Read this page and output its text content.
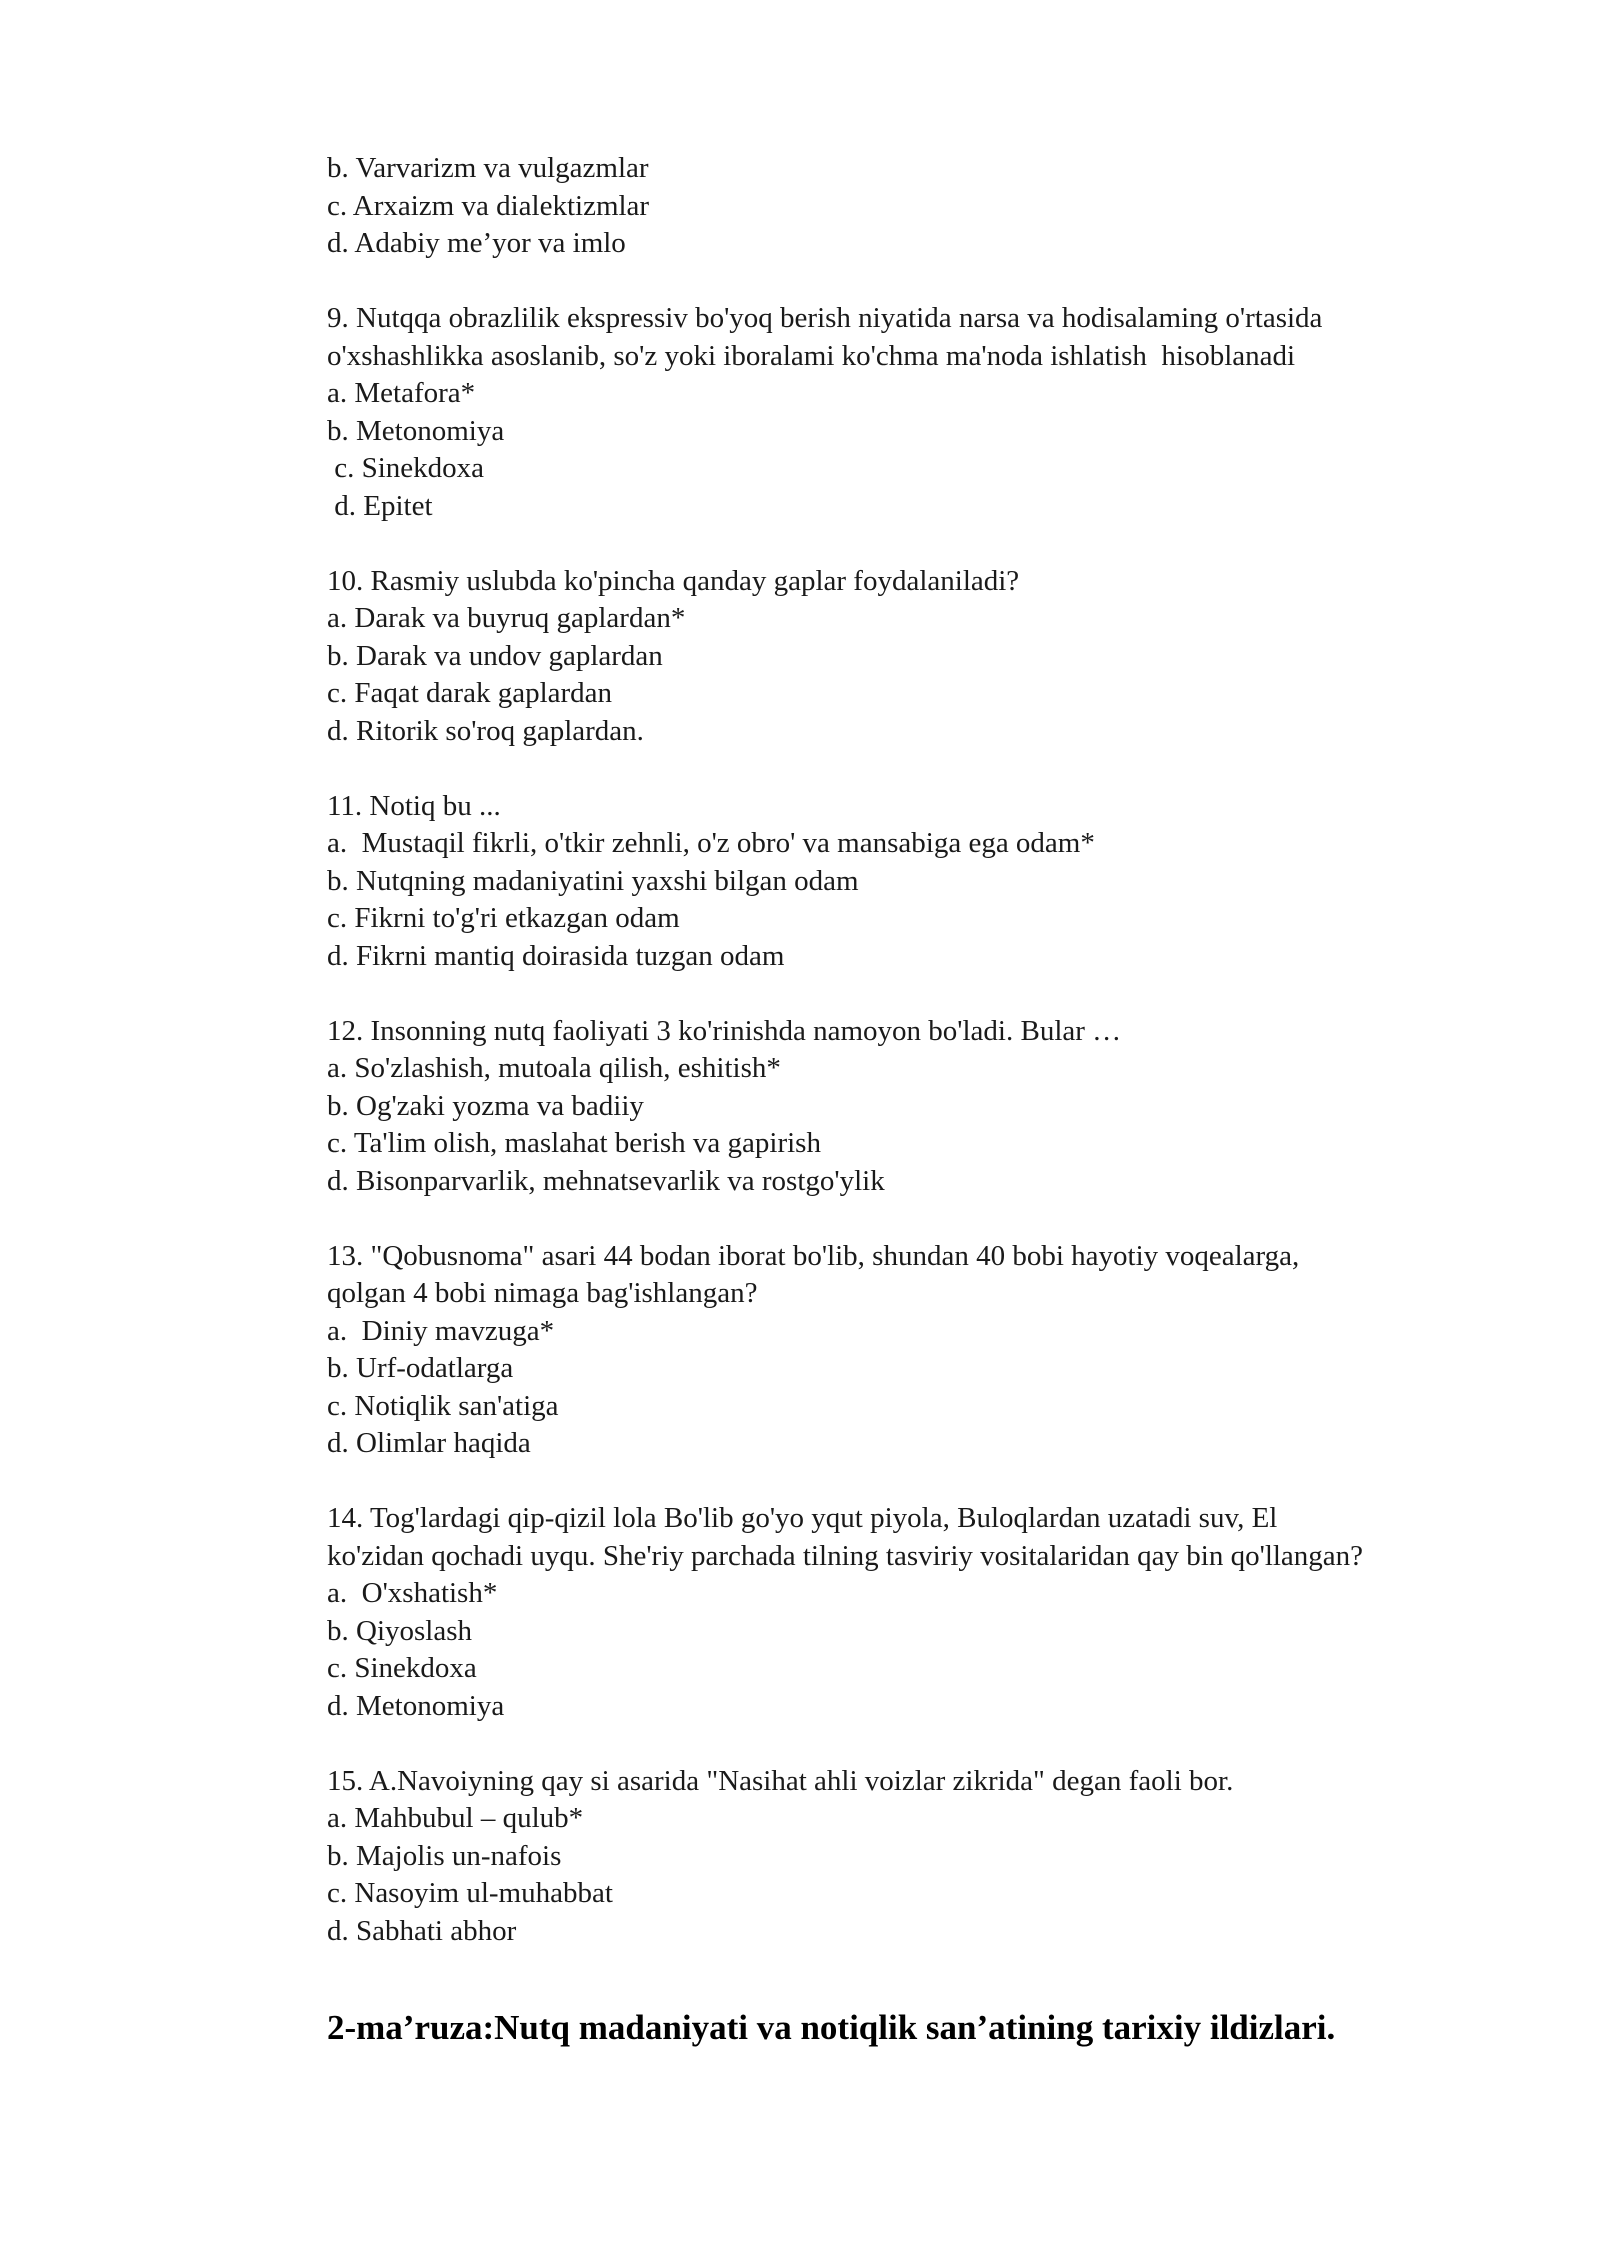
b. Varvarizm va vulgazmlar

c. Arxaizm va dialektizmlar

d. Adabiy me’yor va imlo

9. Nutqqa obrazlilik ekspressiv bo'yoq berish niyatida narsa va hodisalaming o'rtasida

o'xshashlikka asoslanib, so'z yoki iboralami ko'chma ma'noda ishlatish  hisoblanadi

a. Metafora*

b. Metonomiya

c. Sinekdoxa

d. Epitet

10. Rasmiy uslubda ko'pincha qanday gaplar foydalaniladi?

a. Darak va buyruq gaplardan*

b. Darak va undov gaplardan

c. Faqat darak gaplardan

d. Ritorik so'roq gaplardan.

11. Notiq bu ...

a.  Mustaqil fikrli, o'tkir zehnli, o'z obro' va mansabiga ega odam*

b. Nutqning madaniyatini yaxshi bilgan odam

c. Fikrni to'g'ri etkazgan odam

d. Fikrni mantiq doirasida tuzgan odam

12. Insonning nutq faoliyati 3 ko'rinishda namoyon bo'ladi. Bular …

a. So'zlashish, mutoala qilish, eshitish*

b. Og'zaki yozma va badiiy

c. Ta'lim olish, maslahat berish va gapirish

d. Bisonparvarlik, mehnatsevarlik va rostgo'ylik

13. "Qobusnoma" asari 44 bodan iborat bo'lib, shundan 40 bobi hayotiy voqealarga,

qolgan 4 bobi nimaga bag'ishlangan?

a.  Diniy mavzuga*

b. Urf-odatlarga

c. Notiqlik san'atiga

d. Olimlar haqida

14. Tog'lardagi qip-qizil lola Bo'lib go'yo yqut piyola, Buloqlardan uzatadi suv, El

ko'zidan qochadi uyqu. She'riy parchada tilning tasviriy vositalaridan qay bin qo'llangan?

a.  O'xshatish*

b. Qiyoslash

c. Sinekdoxa

d. Metonomiya

15. A.Navoiyning qay si asarida "Nasihat ahli voizlar zikrida" degan faoli bor.

a. Mahbubul – qulub*

b. Majolis un-nafois

c. Nasoyim ul-muhabbat

d. Sabhati abhor

2-ma’ruza:Nutq madaniyati va notiqlik san’atining tarixiy ildizlari.
